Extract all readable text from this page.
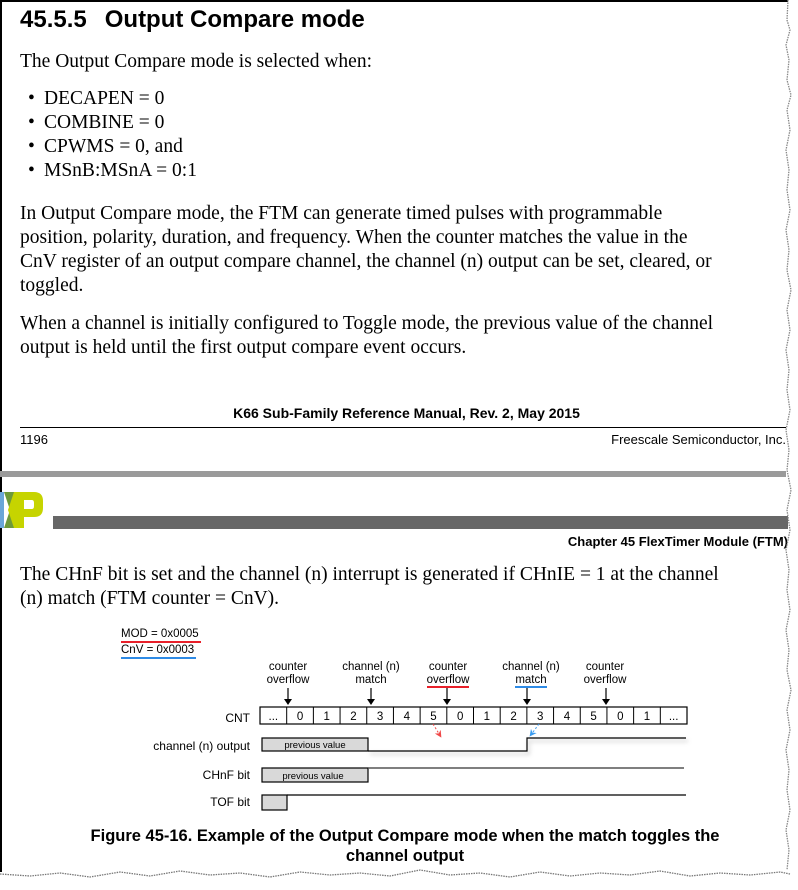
45.5.5 Output Compare mode
The Output Compare mode is selected when:
• DECAPEN = 0
• COMBINE = 0
• CPWMS = 0, and
• MSnB:MSnA = 0:1
In Output Compare mode, the FTM can generate timed pulses with programmable
position, polarity, duration, and frequency. When the counter matches the value in the
CnV register of an output compare channel, the channel (n) output can be set, cleared, or
toggled.
When a channel is initially configured to Toggle mode, the previous value of the channel
output is held until the first output compare event occurs.
K66 Sub-Family Reference Manual, Rev. 2, May 2015
1196	Freescale Semiconductor, Inc.
Chapter 45 FlexTimer Module (FTM)
The CHnF bit is set and the channel (n) interrupt is generated if CHnIE = 1 at the channel
(n) match (FTM counter = CnV).
MOD = 0x0005
CnV = 0x0003
counter
overflow
channel (n)
match
counter
overflow
channel (n)
match
counter
overflow
CNT
channel (n) output
CHnF bit
TOF bit
... 0 1 2 3 4 5 0 1 2 3 4 5 0 1 ...
previous value
previous value
Figure 45-16. Example of the Output Compare mode when the match toggles the
channel output
